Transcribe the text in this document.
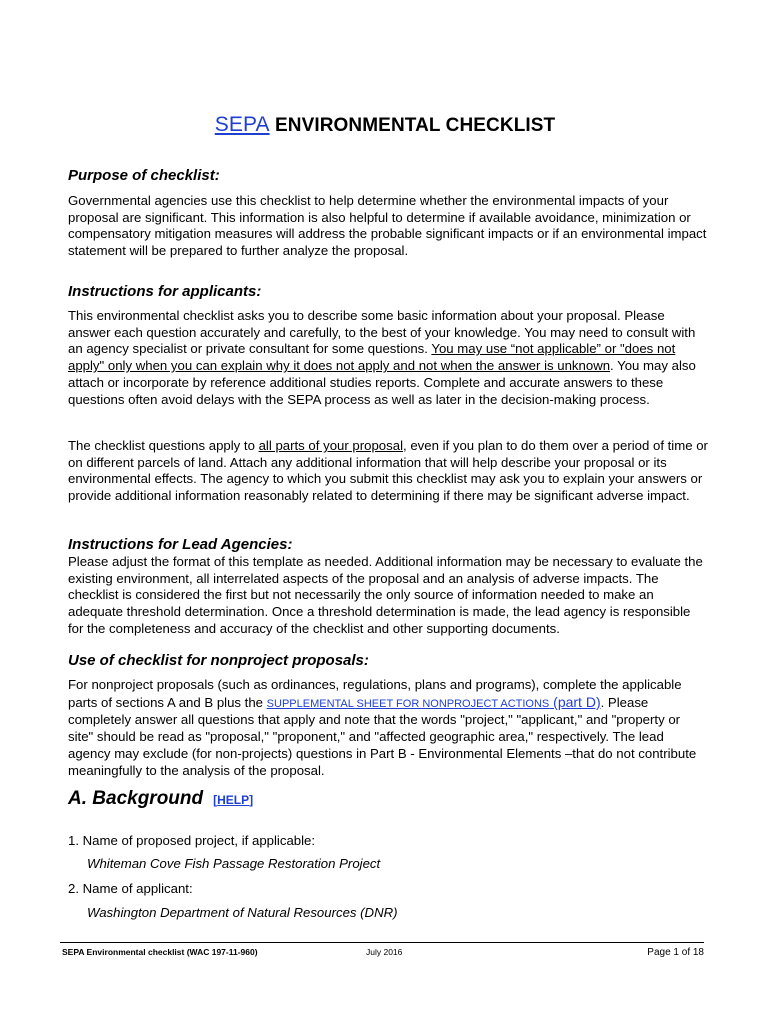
SEPA ENVIRONMENTAL CHECKLIST
Purpose of checklist:

Governmental agencies use this checklist to help determine whether the environmental impacts of your proposal are significant. This information is also helpful to determine if available avoidance, minimization or compensatory mitigation measures will address the probable significant impacts or if an environmental impact statement will be prepared to further analyze the proposal.

Instructions for applicants:

This environmental checklist asks you to describe some basic information about your proposal. Please answer each question accurately and carefully, to the best of your knowledge. You may need to consult with an agency specialist or private consultant for some questions. You may use “not applicable” or "does not apply" only when you can explain why it does not apply and not when the answer is unknown. You may also attach or incorporate by reference additional studies reports. Complete and accurate answers to these questions often avoid delays with the SEPA process as well as later in the decision-making process.

The checklist questions apply to all parts of your proposal, even if you plan to do them over a period of time or on different parcels of land. Attach any additional information that will help describe your proposal or its environmental effects. The agency to which you submit this checklist may ask you to explain your answers or provide additional information reasonably related to determining if there may be significant adverse impact.

Instructions for Lead Agencies:

Please adjust the format of this template as needed. Additional information may be necessary to evaluate the existing environment, all interrelated aspects of the proposal and an analysis of adverse impacts. The checklist is considered the first but not necessarily the only source of information needed to make an adequate threshold determination. Once a threshold determination is made, the lead agency is responsible for the completeness and accuracy of the checklist and other supporting documents.

Use of checklist for nonproject proposals:

For nonproject proposals (such as ordinances, regulations, plans and programs), complete the applicable parts of sections A and B plus the SUPPLEMENTAL SHEET FOR NONPROJECT ACTIONS (part D). Please completely answer all questions that apply and note that the words "project," "applicant," and "property or site" should be read as "proposal," "proponent," and "affected geographic area," respectively. The lead agency may exclude (for non-projects) questions in Part B - Environmental Elements –that do not contribute meaningfully to the analysis of the proposal.

A. Background [HELP]
1. Name of proposed project, if applicable:
Whiteman Cove Fish Passage Restoration Project
2. Name of applicant:
Washington Department of Natural Resources (DNR)
SEPA Environmental checklist (WAC 197-11-960)	July 2016	Page 1 of 18
